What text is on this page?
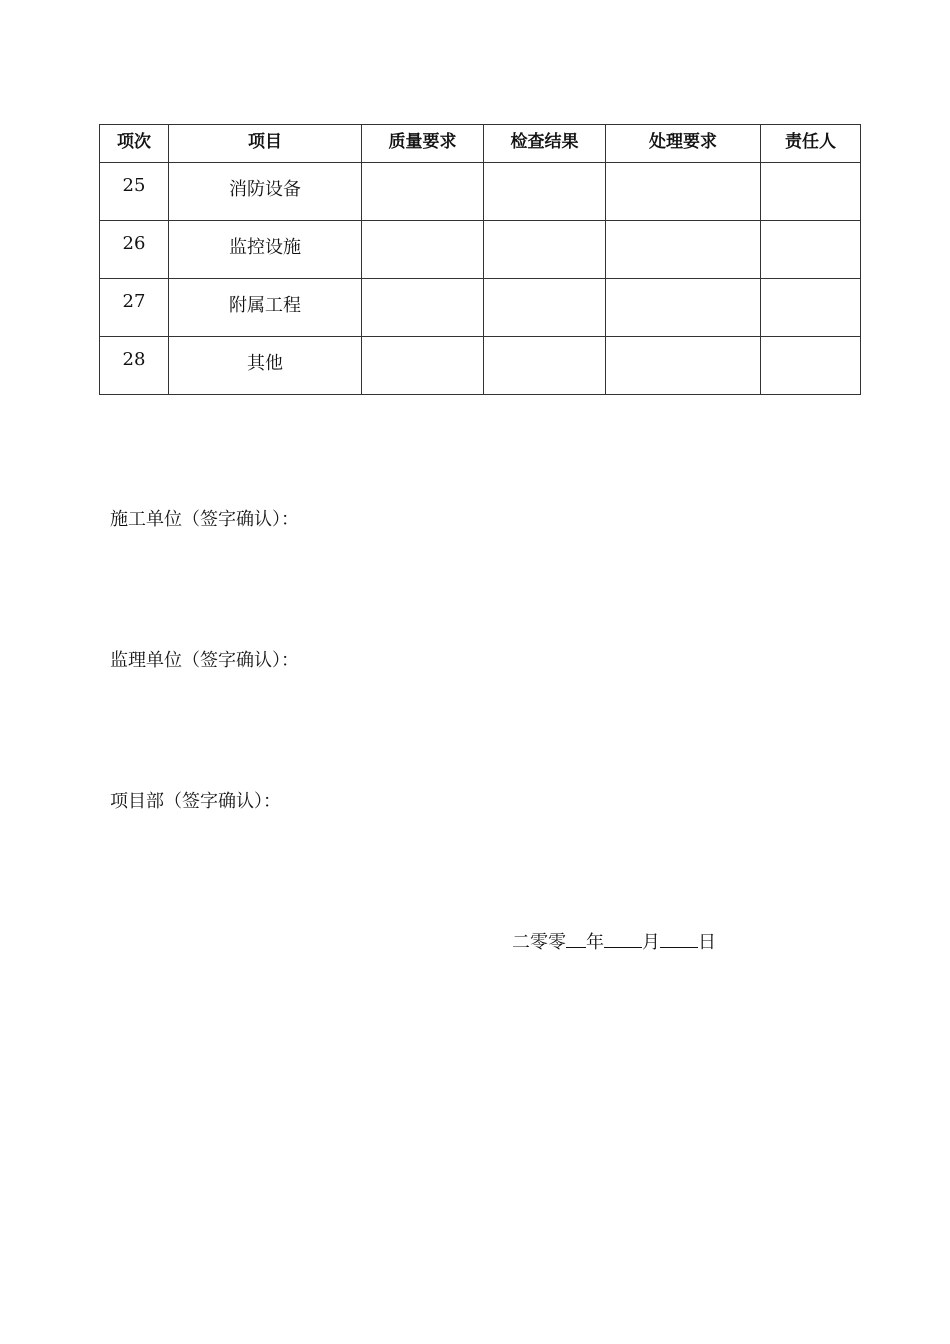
项次	项目	质量要求	检查结果	处理要求	责任人
25	消防设备				
26	监控设施				
27	附属工程				
28	其他				
施工单位（签字确认）：
监理单位（签字确认）：
项目部（签字确认）：
二零零 年 月 日
